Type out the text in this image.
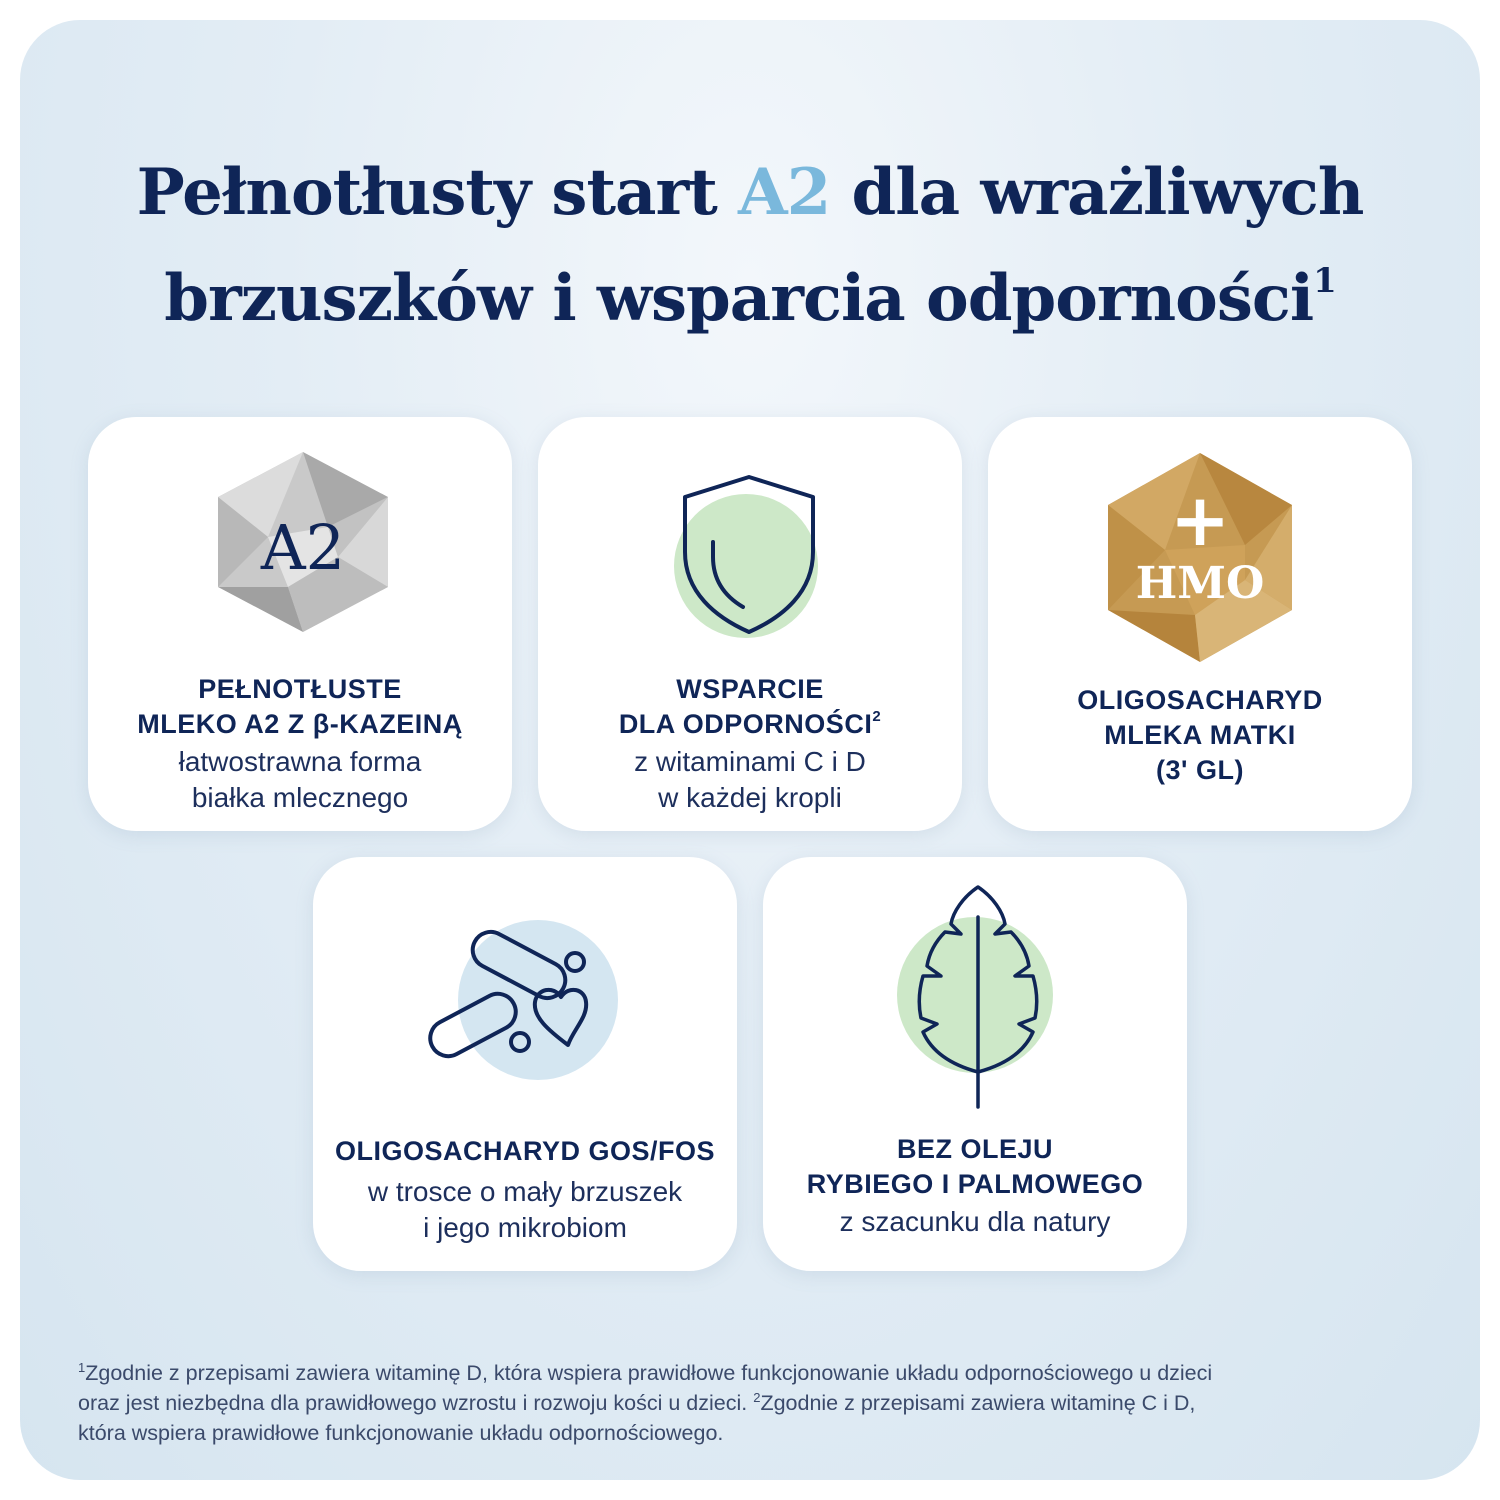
Pełnotłusty start A2 dla wrażliwych
brzuszków i wsparcia odporności$^1$
A2
PEŁNOTŁUSTE
MLEKO A2 Z β-KAZEINĄ
łatwostrawna forma
białka mlecznego
WSPARCIE
DLA ODPORNOŚCI$^2$
z witaminami C i D
w każdej kropli
+
HMO
OLIGOSACHARYD
MLEKA MATKI
(3' GL)
OLIGOSACHARYD GOS/FOS
w trosce o mały brzuszek
i jego mikrobiom
BEZ OLEJU
RYBIEGO I PALMOWEGO
z szacunku dla natury
$^1$Zgodnie z przepisami zawiera witaminę D, która wspiera prawidłowe funkcjonowanie układu odpornościowego u dzieci
oraz jest niezbędna dla prawidłowego wzrostu i rozwoju kości u dzieci. $^2$Zgodnie z przepisami zawiera witaminę C i D,
która wspiera prawidłowe funkcjonowanie układu odpornościowego.
